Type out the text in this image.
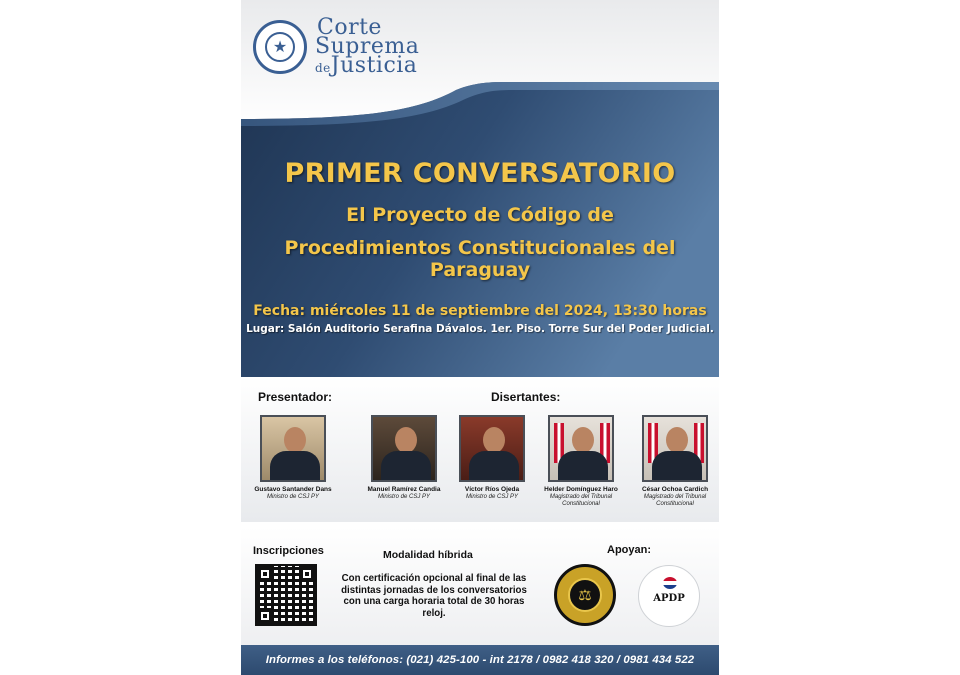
★
Corte
Suprema
deJusticia
PRIMER CONVERSATORIO
El Proyecto de Código de
Procedimientos Constitucionales del Paraguay
Fecha: miércoles 11 de septiembre del 2024, 13:30 horas
Lugar: Salón Auditorio Serafina Dávalos. 1er. Piso. Torre Sur del Poder Judicial.
Presentador:	Disertantes:
Gustavo Santander Dans
Ministro de CSJ PY
Manuel Ramírez Candia
Ministro de CSJ PY
Víctor Ríos Ojeda
Ministro de CSJ PY
Helder Domínguez Haro
Magistrado del Tribunal
Constitucional
César Ochoa Cardich
Magistrado del Tribunal
Constitucional
Inscripciones	Modalidad híbrida
Con certificación opcional al final de las distintas jornadas de los conversatorios con una carga horaria total de 30 horas reloj.
Apoyan:
⚖	APDP
Informes a los teléfonos: (021) 425-100 - int 2178 / 0982 418 320 / 0981 434 522
